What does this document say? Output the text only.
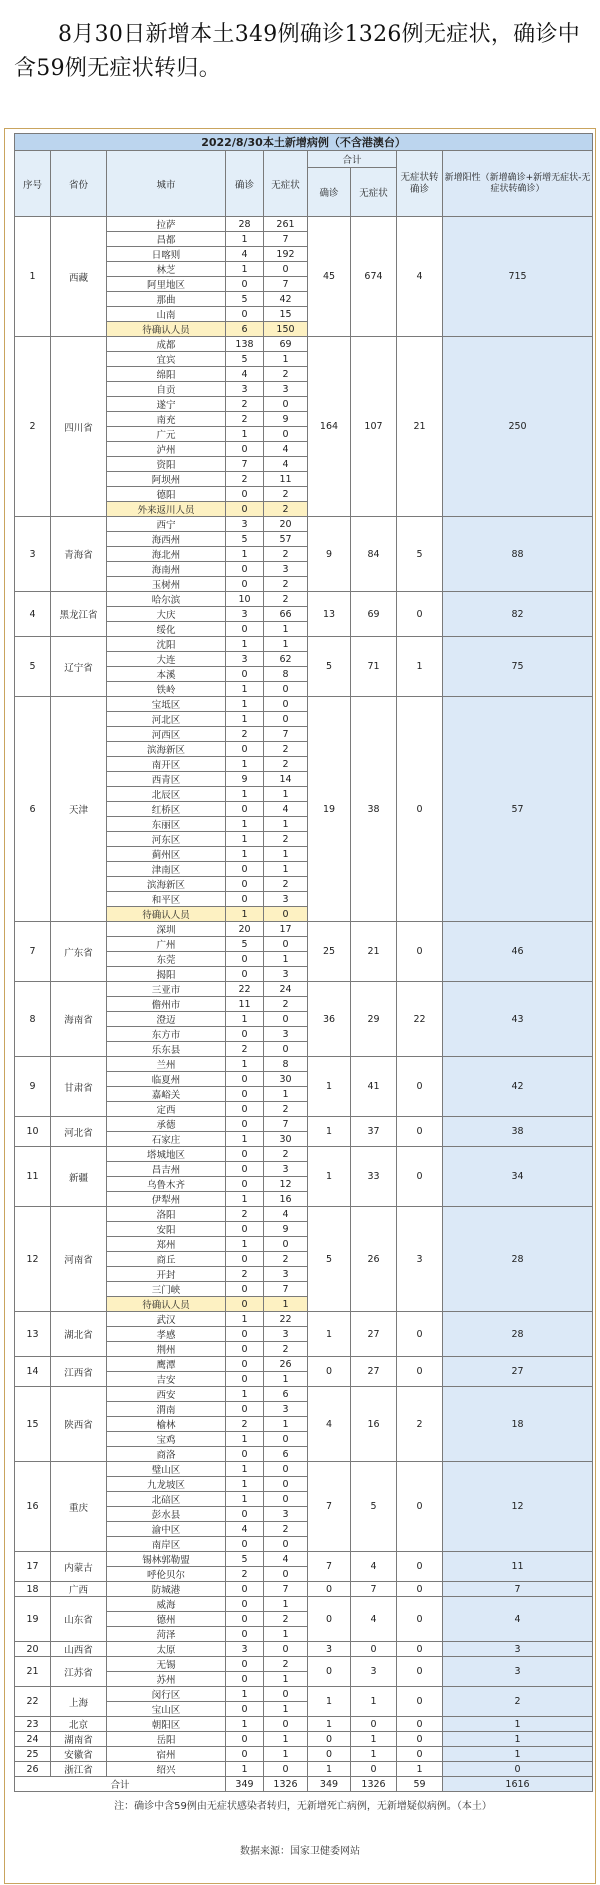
8月30日新增本土349例确诊1326例无症状，确诊中含59例无症状转归。
2022/8/30本土新增病例（不含港澳台）								
序号	省份	城市	确诊	无症状	合计		无症状转确诊	新增阳性（新增确诊+新增无症状-无症状转确诊）
					确诊	无症状		
1	西藏	拉萨	28	261	45	674	4	715
		昌都	1	7				
		日喀则	4	192				
		林芝	1	0				
		阿里地区	0	7				
		那曲	5	42				
		山南	0	15				
		待确认人员	6	150				
2	四川省	成都	138	69	164	107	21	250
		宜宾	5	1				
		绵阳	4	2				
		自贡	3	3				
		遂宁	2	0				
		南充	2	9				
		广元	1	0				
		泸州	0	4				
		资阳	7	4				
		阿坝州	2	11				
		德阳	0	2				
		外来返川人员	0	2				
3	青海省	西宁	3	20	9	84	5	88
		海西州	5	57				
		海北州	1	2				
		海南州	0	3				
		玉树州	0	2				
4	黑龙江省	哈尔滨	10	2	13	69	0	82
		大庆	3	66				
		绥化	0	1				
5	辽宁省	沈阳	1	1	5	71	1	75
		大连	3	62				
		本溪	0	8				
		铁岭	1	0				
6	天津	宝坻区	1	0	19	38	0	57
		河北区	1	0				
		河西区	2	7				
		滨海新区	0	2				
		南开区	1	2				
		西青区	9	14				
		北辰区	1	1				
		红桥区	0	4				
		东丽区	1	1				
		河东区	1	2				
		蓟州区	1	1				
		津南区	0	1				
		滨海新区	0	2				
		和平区	0	3				
		待确认人员	1	0				
7	广东省	深圳	20	17	25	21	0	46
		广州	5	0				
		东莞	0	1				
		揭阳	0	3				
8	海南省	三亚市	22	24	36	29	22	43
		儋州市	11	2				
		澄迈	1	0				
		东方市	0	3				
		乐东县	2	0				
9	甘肃省	兰州	1	8	1	41	0	42
		临夏州	0	30				
		嘉峪关	0	1				
		定西	0	2				
10	河北省	承德	0	7	1	37	0	38
		石家庄	1	30				
11	新疆	塔城地区	0	2	1	33	0	34
		昌吉州	0	3				
		乌鲁木齐	0	12				
		伊犁州	1	16				
12	河南省	洛阳	2	4	5	26	3	28
		安阳	0	9				
		郑州	1	0				
		商丘	0	2				
		开封	2	3				
		三门峡	0	7				
		待确认人员	0	1				
13	湖北省	武汉	1	22	1	27	0	28
		孝感	0	3				
		荆州	0	2				
14	江西省	鹰潭	0	26	0	27	0	27
		吉安	0	1				
15	陕西省	西安	1	6	4	16	2	18
		渭南	0	3				
		榆林	2	1				
		宝鸡	1	0				
		商洛	0	6				
16	重庆	璧山区	1	0	7	5	0	12
		九龙坡区	1	0				
		北碚区	1	0				
		彭水县	0	3				
		渝中区	4	2				
		南岸区	0	0				
17	内蒙古	锡林郭勒盟	5	4	7	4	0	11
		呼伦贝尔	2	0				
18	广西	防城港	0	7	0	7	0	7
19	山东省	威海	0	1	0	4	0	4
		德州	0	2				
		菏泽	0	1				
20	山西省	太原	3	0	3	0	0	3
21	江苏省	无锡	0	2	0	3	0	3
		苏州	0	1				
22	上海	闵行区	1	0	1	1	0	2
		宝山区	0	1				
23	北京	朝阳区	1	0	1	0	0	1
24	湖南省	岳阳	0	1	0	1	0	1
25	安徽省	宿州	0	1	0	1	0	1
26	浙江省	绍兴	1	0	1	0	1	0
合计			349	1326	349	1326	59	1616
注：确诊中含59例由无症状感染者转归，无新增死亡病例，无新增疑似病例。（本土）
数据来源：国家卫健委网站
